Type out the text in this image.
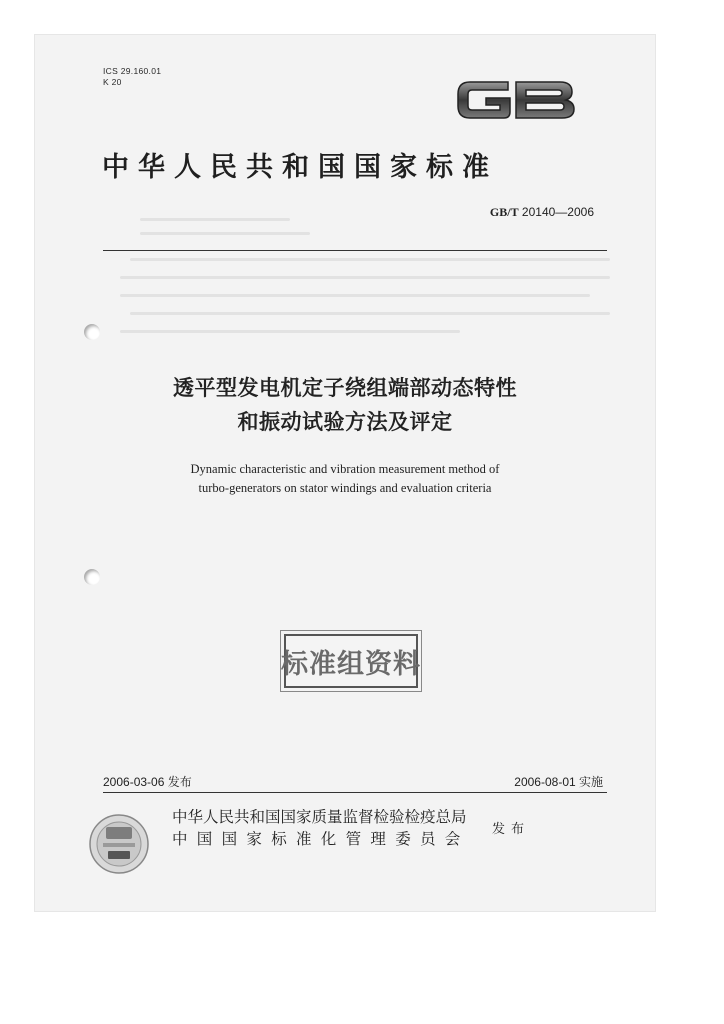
ICS 29.160.01
K 20
中华人民共和国国家标准
GB/T 20140—2006
透平型发电机定子绕组端部动态特性
和振动试验方法及评定
Dynamic characteristic and vibration measurement method of
turbo-generators on stator windings and evaluation criteria
标准组资料
2006-03-06 发布	2006-08-01 实施
中华人民共和国国家质量监督检验检疫总局
中国国家标准化管理委员会
发布
